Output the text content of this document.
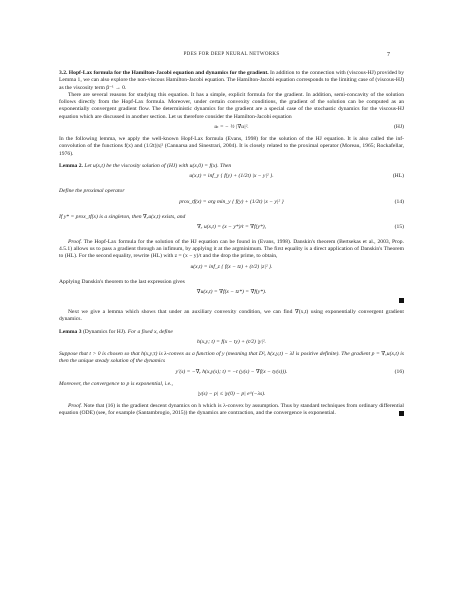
PDES FOR DEEP NEURAL NETWORKS	7

3.2. Hopf-Lax formula for the Hamilton-Jacobi equation and dynamics for the gradient. In addition to the connection with (viscous-HJ) provided by Lemma 1, we can also explore the non-viscous Hamilton-Jacobi equation. The Hamilton-Jacobi equation corresponds to the limiting case of (viscous-HJ) as the viscosity term β⁻¹ → 0.

There are several reasons for studying this equation. It has a simple, explicit formula for the gradient. In addition, semi-concavity of the solution follows directly from the Hopf-Lax formula. Moreover, under certain convexity conditions, the gradient of the solution can be computed as an exponentially convergent gradient flow. The deterministic dynamics for the gradient are a special case of the stochastic dynamics for the viscous-HJ equation which are discussed in another section. Let us therefore consider the Hamilton-Jacobi equation

uₜ = − ½ |∇u|².	(HJ)

In the following lemma, we apply the well-known Hopf-Lax formula (Evans, 1998) for the solution of the HJ equation. It is also called the inf-convolution of the functions f(x) and (1/2t)|x|² (Cannarsa and Sinestrari, 2004). It is closely related to the proximal operator (Moreau, 1965; Rockafellar, 1976).

Lemma 2. Let u(x,t) be the viscosity solution of (HJ) with u(x,0) = f(x). Then

u(x,t) = inf_y { f(y) + (1/2t) |x − y|² }.	(HL)

Define the proximal operator

prox_tf(x) = arg min_y { f(y) + (1/2t) |x − y|² }	(14)

If y* = prox_tf(x) is a singleton, then ∇ₓu(x,t) exists, and

∇ₓ u(x,t) = (x − y*)/t = ∇f(y*),	(15)

Proof. The Hopf-Lax formula for the solution of the HJ equation can be found in (Evans, 1998). Danskin's theorem (Bertsekas et al., 2003, Prop. 4.5.1) allows us to pass a gradient through an infimum, by applying it at the argminimum. The first equality is a direct application of Danskin's Theorem to (HL). For the second equality, rewrite (HL) with z = (x − y)/t and the drop the prime, to obtain,

u(x,t) = inf_z { f(x − tz) + (t/2) |z|² }.

Applying Danskin's theorem to the last expression gives

∇u(x,t) = ∇f(x − tz*) = ∇f(y*).

Next we give a lemma which shows that under an auxiliary convexity condition, we can find ∇(x,t) using exponentially convergent gradient dynamics.

Lemma 3 (Dynamics for HJ). For a fixed x, define

h(x,y; t) = f(x − ty) + (t/2) |y|².

Suppose that t > 0 is chosen so that h(x,y;t) is λ-convex as a function of y (meaning that D²ᵧ h(x,y,t) − λI is positive definite). The gradient p = ∇ₓu(x,t) is then the unique steady solution of the dynamics

y′(s) = −∇ᵧ h(x,y(s); t) = −t (y(s) − ∇f(x − ty(s))).	(16)

Moreover, the convergence to p is exponential, i.e.,

|y(s) − p| ≤ |y(0) − p| e^(−λs).

Proof. Note that (16) is the gradient descent dynamics on h which is λ-convex by assumption. Thus by standard techniques from ordinary differential equation (ODE) (see, for example (Santambrogio, 2015)) the dynamics are contraction, and the convergence is exponential.
